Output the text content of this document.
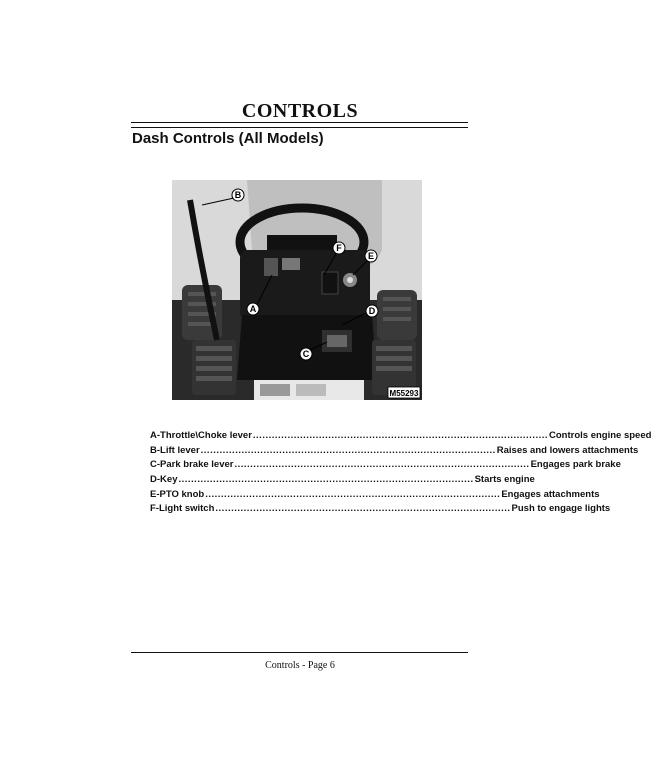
CONTROLS
Dash Controls (All Models)
B
F
E
A	D
C
M55293
A - Throttle\Choke lever .............................................................................................. Controls engine speed
B - Lift lever .............................................................................................. Raises and lowers attachments
C - Park brake lever .............................................................................................. Engages park brake
D - Key .............................................................................................. Starts engine
E - PTO knob .............................................................................................. Engages attachments
F - Light switch .............................................................................................. Push to engage lights
Controls - Page 6
